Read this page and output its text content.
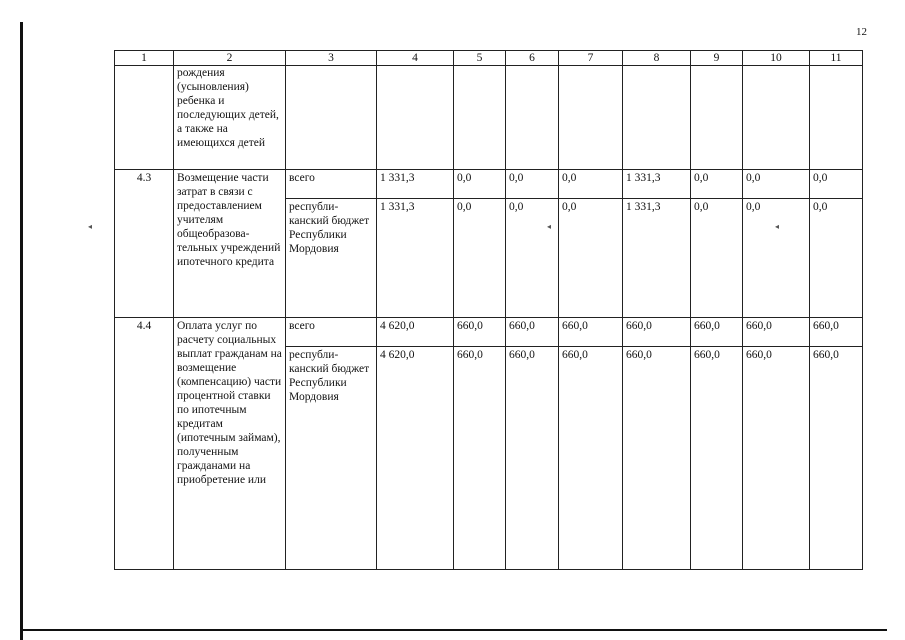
◂	◂	◂
12
1	2	3	4	5	6	7	8	9	10	11
	рождения (усыновления) ребенка и последующих детей, а также на имеющихся детей									
4.3	Возмещение части затрат в связи с предоставлением учителям общеобразова-тельных учреждений ипотечного кредита	всего	1 331,3	0,0	0,0	0,0	1 331,3	0,0	0,0	0,0
		республи-канский бюджет Республики Мордовия	1 331,3	0,0	0,0	0,0	1 331,3	0,0	0,0	0,0
4.4	Оплата услуг по расчету социальных выплат гражданам на возмещение (компенсацию) части процентной ставки по ипотечным кредитам (ипотечным займам), полученным гражданами на приобретение или	всего	4 620,0	660,0	660,0	660,0	660,0	660,0	660,0	660,0
		республи-канский бюджет Республики Мордовия	4 620,0	660,0	660,0	660,0	660,0	660,0	660,0	660,0
